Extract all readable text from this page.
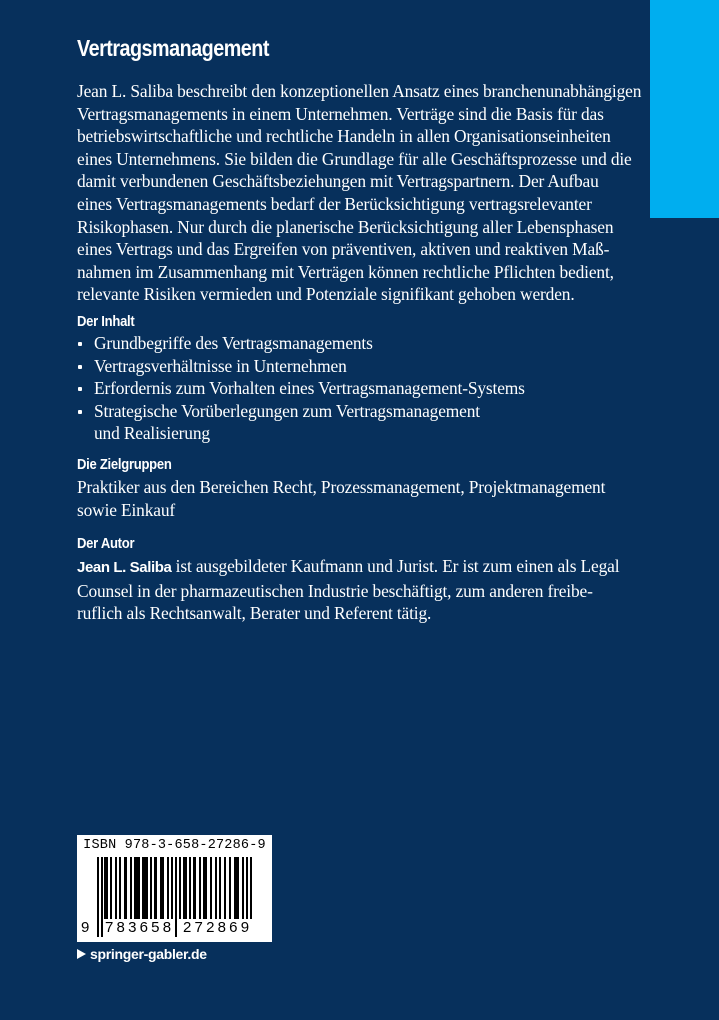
Vertragsmanagement

Jean L. Saliba beschreibt den konzeptionellen Ansatz eines branchenunabhängigen
Vertragsmanagements in einem Unternehmen. Verträge sind die Basis für das
betriebswirtschaftliche und rechtliche Handeln in allen Organisationseinheiten
eines Unternehmens. Sie bilden die Grundlage für alle Geschäftsprozesse und die
damit verbundenen Geschäftsbeziehungen mit Vertragspartnern. Der Aufbau
eines Vertragsmanagements bedarf der Berücksichtigung vertragsrelevanter
Risikophasen. Nur durch die planerische Berücksichtigung aller Lebensphasen
eines Vertrags und das Ergreifen von präventiven, aktiven und reaktiven Maß-
nahmen im Zusammenhang mit Verträgen können rechtliche Pflichten bedient,
relevante Risiken vermieden und Potenziale signifikant gehoben werden.

Der Inhalt
Grundbegriffe des Vertragsmanagements
Vertragsverhältnisse in Unternehmen
Erfordernis zum Vorhalten eines Vertragsmanagement-Systems
Strategische Vorüberlegungen zum Vertragsmanagement
und Realisierung
Die Zielgruppen

Praktiker aus den Bereichen Recht, Prozessmanagement, Projektmanagement
sowie Einkauf

Der Autor

Jean L. Saliba ist ausgebildeter Kaufmann und Jurist. Er ist zum einen als Legal
Counsel in der pharmazeutischen Industrie beschäftigt, zum anderen freibe-
ruflich als Rechtsanwalt, Berater und Referent tätig.

ISBN 978-3-658-27286-9
9 783658 272869
springer-gabler.de
